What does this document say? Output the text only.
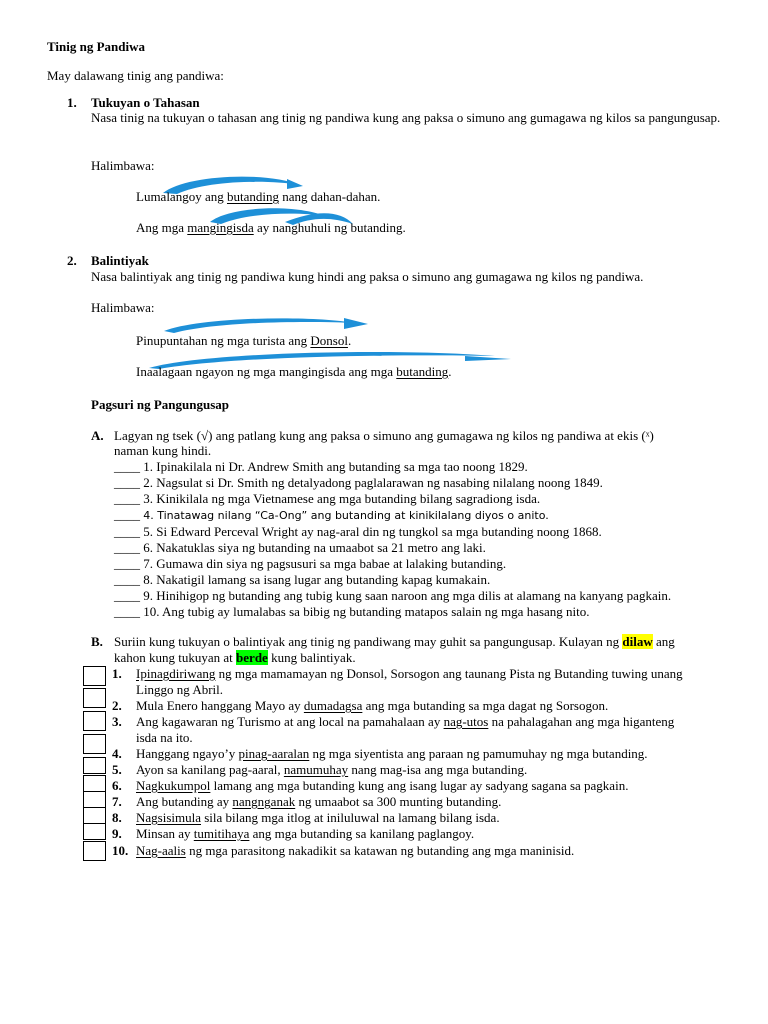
Tinig ng Pandiwa
May dalawang tinig ang pandiwa:
1. Tukuyan o Tahasan
Nasa tinig na tukuyan o tahasan ang tinig ng pandiwa kung ang paksa o simuno ang gumagawa ng kilos sa pangungusap.
Halimbawa:
Lumalangoy ang butanding nang dahan-dahan.
Ang mga mangingisda ay nanghuhuli ng butanding.
2. Balintiyak
Nasa balintiyak ang tinig ng pandiwa kung hindi ang paksa o simuno ang gumagawa ng kilos ng pandiwa.
Halimbawa:
Pinupuntahan ng mga turista ang Donsol.
Inaalagaan ngayon ng mga mangingisda ang mga butanding.
Pagsuri ng Pangungusap
A. Lagyan ng tsek (√) ang patlang kung ang paksa o simuno ang gumagawa ng kilos ng pandiwa at ekis (ˣ)
naman kung hindi.
____ 1. Ipinakilala ni Dr. Andrew Smith ang butanding sa mga tao noong 1829.
____ 2. Nagsulat si Dr. Smith ng detalyadong paglalarawan ng nasabing nilalang noong 1849.
____ 3. Kinikilala ng mga Vietnamese ang mga butanding bilang sagradiong isda.
____ 4. Tinatawag nilang “Ca-Ong” ang butanding at kinikilalang diyos o anito.
____ 5. Si Edward Perceval Wright ay nag-aral din ng tungkol sa mga butanding noong 1868.
____ 6. Nakatuklas siya ng butanding na umaabot sa 21 metro ang laki.
____ 7. Gumawa din siya ng pagsusuri sa mga babae at lalaking butanding.
____ 8. Nakatigil lamang sa isang lugar ang butanding kapag kumakain.
____ 9. Hinihigop ng butanding ang tubig kung saan naroon ang mga dilis at alamang na kanyang pagkain.
____ 10. Ang tubig ay lumalabas sa bibig ng butanding matapos salain ng mga hasang nito.
B. Suriin kung tukuyan o balintiyak ang tinig ng pandiwang may guhit sa pangungusap. Kulayan ng dilaw ang
kahon kung tukuyan at berde kung balintiyak.
1. Ipinagdiriwang ng mga mamamayan ng Donsol, Sorsogon ang taunang Pista ng Butanding tuwing unang
Linggo ng Abril.
2. Mula Enero hanggang Mayo ay dumadagsa ang mga butanding sa mga dagat ng Sorsogon.
3. Ang kagawaran ng Turismo at ang local na pamahalaan ay nag-utos na pahalagahan ang mga higanteng
isda na ito.
4. Hanggang ngayo’y pinag-aaralan ng mga siyentista ang paraan ng pamumuhay ng mga butanding.
5. Ayon sa kanilang pag-aaral, namumuhay nang mag-isa ang mga butanding.
6. Nagkukumpol lamang ang mga butanding kung ang isang lugar ay sadyang sagana sa pagkain.
7. Ang butanding ay nangnganak ng umaabot sa 300 munting butanding.
8. Nagsisimula sila bilang mga itlog at iniluluwal na lamang bilang isda.
9. Minsan ay tumitihaya ang mga butanding sa kanilang paglangoy.
10. Nag-aalis ng mga parasitong nakadikit sa katawan ng butanding ang mga maninisid.
